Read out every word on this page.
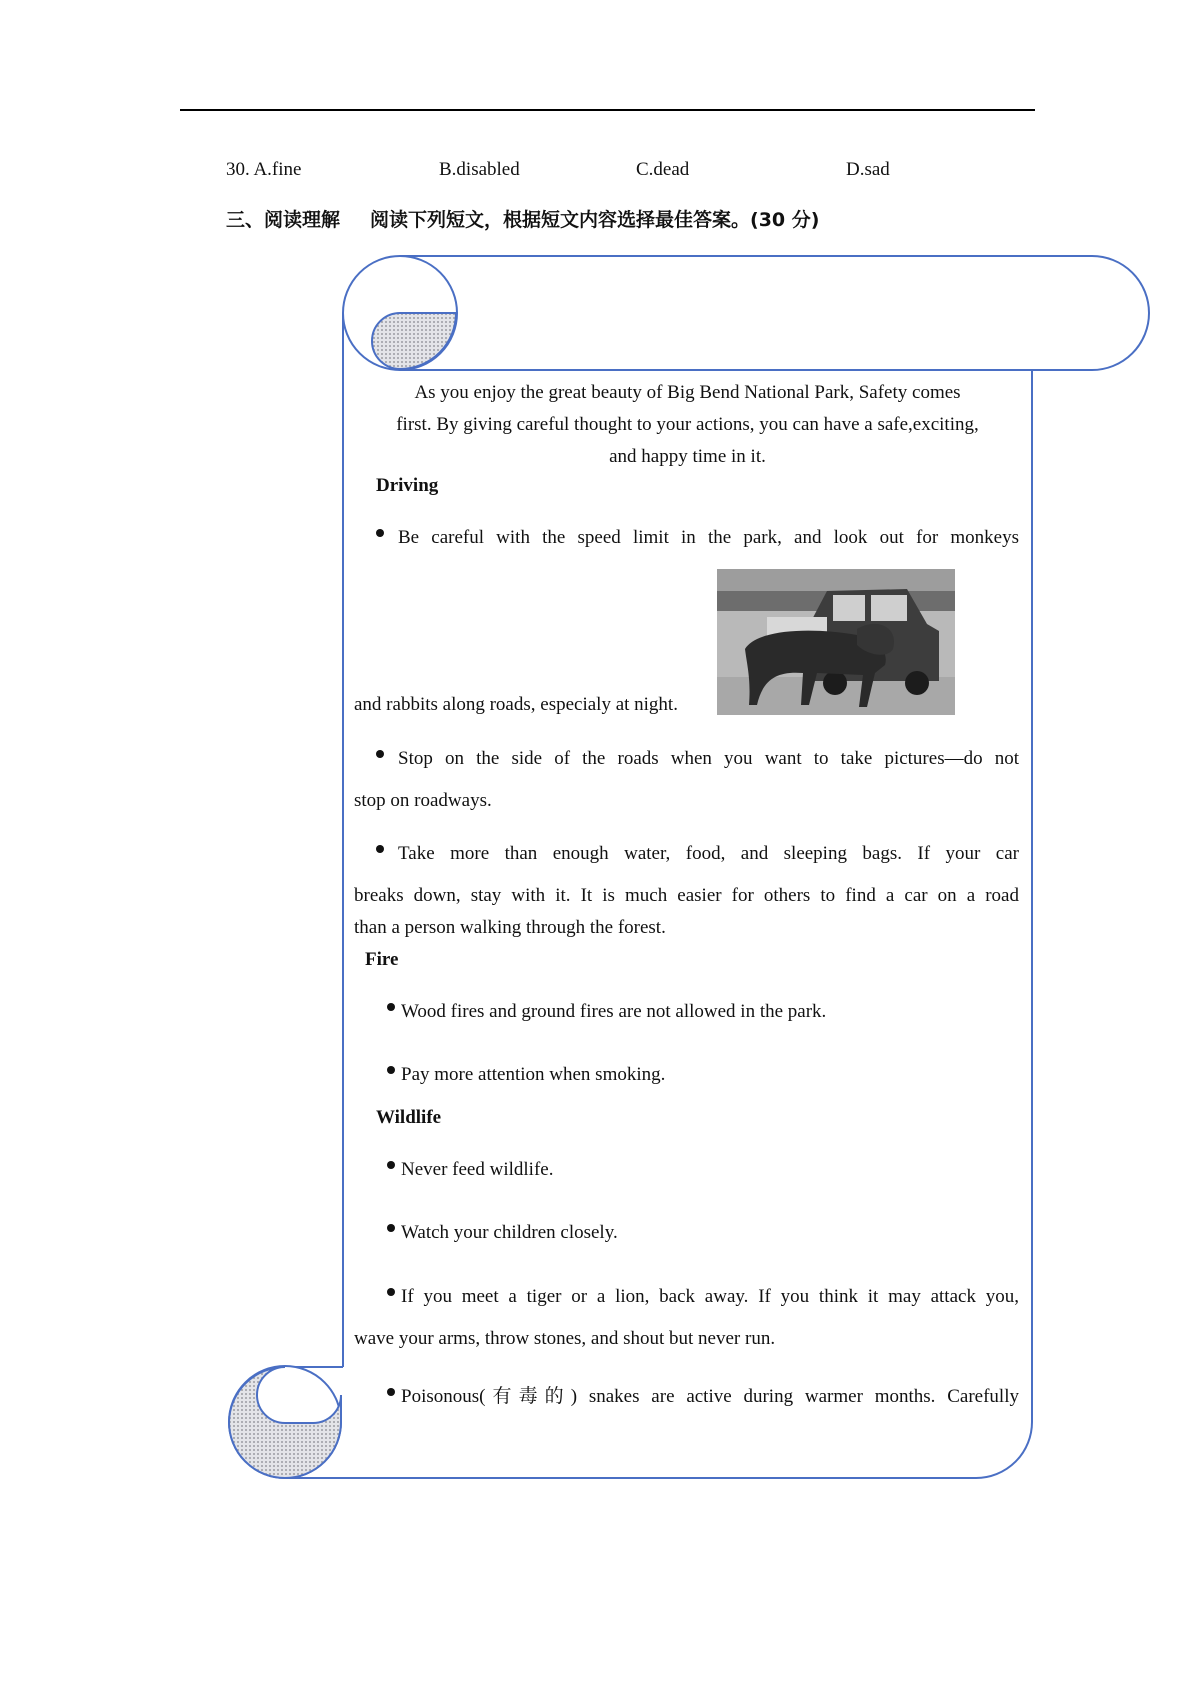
30. A.fine	B.disabled	C.dead	D.sad
三、阅读理解 阅读下列短文，根据短文内容选择最佳答案。(30 分)

As you enjoy the great beauty of Big Bend National Park, Safety comes

first. By giving careful thought to your actions, you can have a safe,exciting,

and happy time in it.

Driving
Be careful with the speed limit in the park, and look out for monkeys
and rabbits along roads, especialy at night.
Stop on the side of the roads when you want to take pictures—do not
stop on roadways.
Take more than enough water, food, and sleeping bags. If your car
breaks down, stay with it. It is much easier for others to find a car on a road
than a person walking through the forest.
Fire
Wood fires and ground fires are not allowed in the park.
Pay more attention when smoking.
Wildlife
Never feed wildlife.
Watch your children closely.
If you meet a tiger or a lion, back away. If you think it may attack you,
wave your arms, throw stones, and shout but never run.
Poisonous(有毒的) snakes are active during warmer months. Carefully
